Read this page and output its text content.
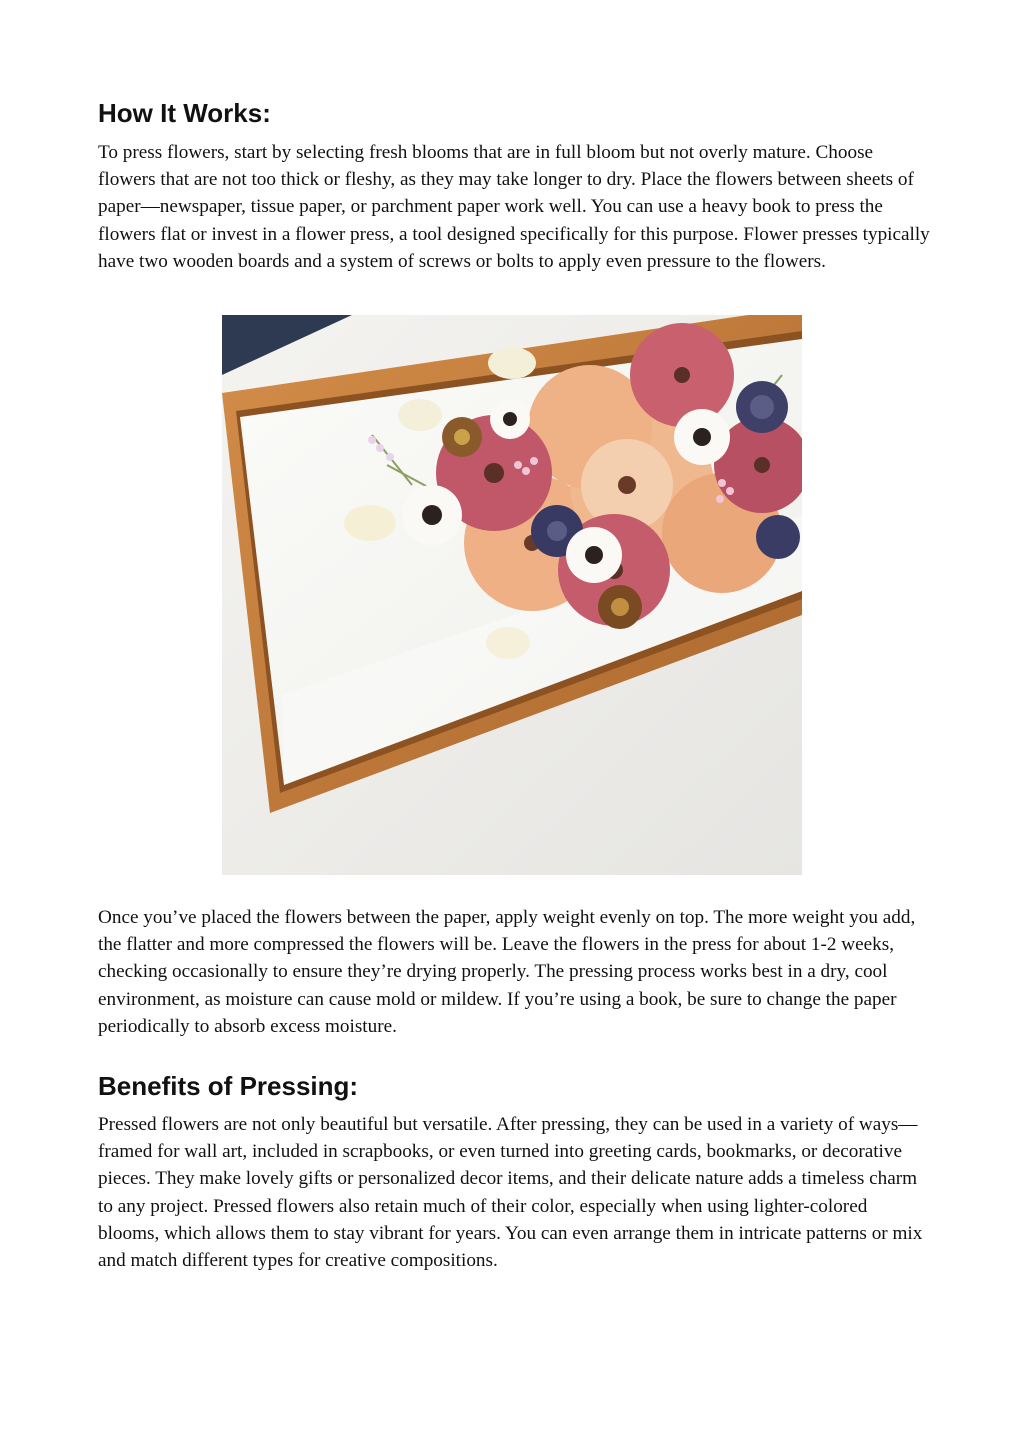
How It Works:

To press flowers, start by selecting fresh blooms that are in full bloom but not overly mature. Choose flowers that are not too thick or fleshy, as they may take longer to dry. Place the flowers between sheets of paper—newspaper, tissue paper, or parchment paper work well. You can use a heavy book to press the flowers flat or invest in a flower press, a tool designed specifically for this purpose. Flower presses typically have two wooden boards and a system of screws or bolts to apply even pressure to the flowers.

Once you’ve placed the flowers between the paper, apply weight evenly on top. The more weight you add, the flatter and more compressed the flowers will be. Leave the flowers in the press for about 1-2 weeks, checking occasionally to ensure they’re drying properly. The pressing process works best in a dry, cool environment, as moisture can cause mold or mildew. If you’re using a book, be sure to change the paper periodically to absorb excess moisture.

Benefits of Pressing:

Pressed flowers are not only beautiful but versatile. After pressing, they can be used in a variety of ways—framed for wall art, included in scrapbooks, or even turned into greeting cards, bookmarks, or decorative pieces. They make lovely gifts or personalized decor items, and their delicate nature adds a timeless charm to any project. Pressed flowers also retain much of their color, especially when using lighter-colored blooms, which allows them to stay vibrant for years. You can even arrange them in intricate patterns or mix and match different types for creative compositions.
